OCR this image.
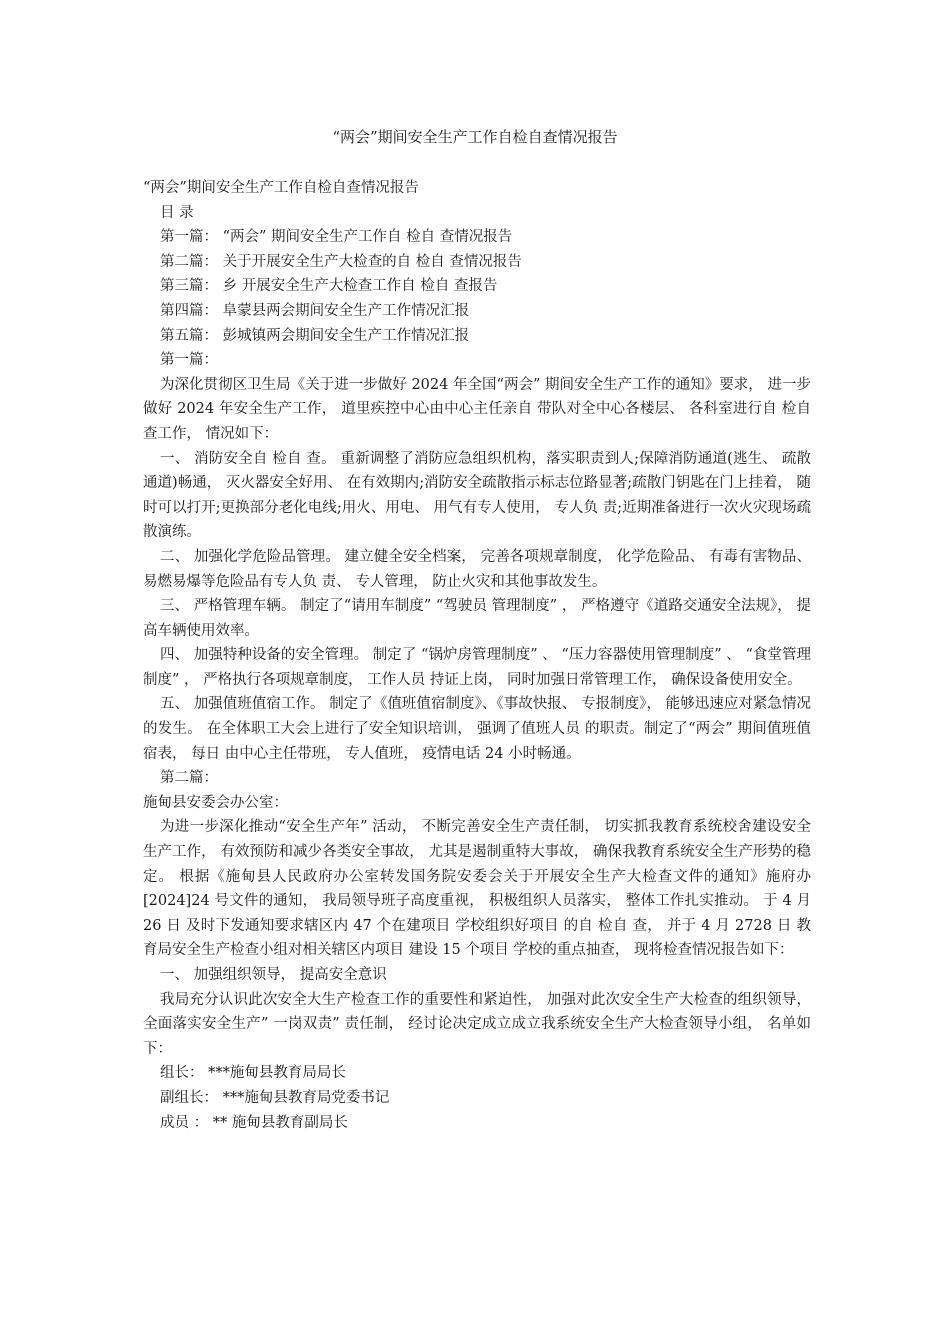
“两会”期间安全生产工作自检自查情况报告

“两会”期间安全生产工作自检自查情况报告

目 录

第一篇： “两会” 期间安全生产工作自 检自 查情况报告

第二篇： 关于开展安全生产大检查的自 检自 查情况报告

第三篇： 乡 开展安全生产大检查工作自 检自 查报告

第四篇： 阜蒙县两会期间安全生产工作情况汇报

第五篇： 彭城镇两会期间安全生产工作情况汇报

第一篇：

为深化贯彻区卫生局《关于进一步做好 2024 年全国“两会” 期间安全生产工作的通知》要求， 进一步做好 2024 年安全生产工作， 道里疾控中心由中心主任亲自 带队对全中心各楼层、 各科室进行自 检自 查工作， 情况如下：

一、 消防安全自 检自 查。 重新调整了消防应急组织机构，落实职责到人;保障消防通道(逃生、 疏散通道)畅通， 灭火器安全好用、 在有效期内;消防安全疏散指示标志位路显著;疏散门钥匙在门上挂着， 随时可以打开;更换部分老化电线;用火、用电、 用气有专人使用， 专人负 责;近期准备进行一次火灾现场疏散演练。

二、 加强化学危险品管理。 建立健全安全档案， 完善各项规章制度， 化学危险品、 有毒有害物品、 易燃易爆等危险品有专人负 责、 专人管理， 防止火灾和其他事故发生。

三、 严格管理车辆。 制定了“请用车制度” “驾驶员 管理制度” ， 严格遵守《道路交通安全法规》， 提高车辆使用效率。

四、 加强特种设备的安全管理。 制定了 “锅炉房管理制度” 、 “压力容器使用管理制度” 、 “食堂管理制度” ， 严格执行各项规章制度， 工作人员 持证上岗， 同时加强日常管理工作， 确保设备使用安全。

五、 加强值班值宿工作。 制定了《值班值宿制度》、《事故快报、 专报制度》， 能够迅速应对紧急情况的发生。 在全体职工大会上进行了安全知识培训， 强调了值班人员 的职责。制定了“两会” 期间值班值宿表， 每日 由中心主任带班， 专人值班， 疫情电话 24 小时畅通。

第二篇：

施甸县安委会办公室：

为进一步深化推动“安全生产年” 活动， 不断完善安全生产责任制， 切实抓我教育系统校舍建设安全生产工作， 有效预防和减少各类安全事故， 尤其是遏制重特大事故， 确保我教育系统安全生产形势的稳定。 根据《施甸县人民政府办公室转发国务院安委会关于开展安全生产大检查文件的通知》施府办[2024]24 号文件的通知， 我局领导班子高度重视， 积极组织人员落实， 整体工作扎实推动。 于 4 月 26 日 及时下发通知要求辖区内 47 个在建项目 学校组织好项目 的自 检自 查， 并于 4 月 2728 日 教育局安全生产检查小组对相关辖区内项目 建设 15 个项目 学校的重点抽查， 现将检查情况报告如下：

一、 加强组织领导， 提高安全意识

我局充分认识此次安全大生产检查工作的重要性和紧迫性， 加强对此次安全生产大检查的组织领导， 全面落实安全生产” 一岗双责” 责任制， 经讨论决定成立成立我系统安全生产大检查领导小组， 名单如下：

组长： ***施甸县教育局局长

副组长： ***施甸县教育局党委书记

成员 ： ** 施甸县教育副局长
